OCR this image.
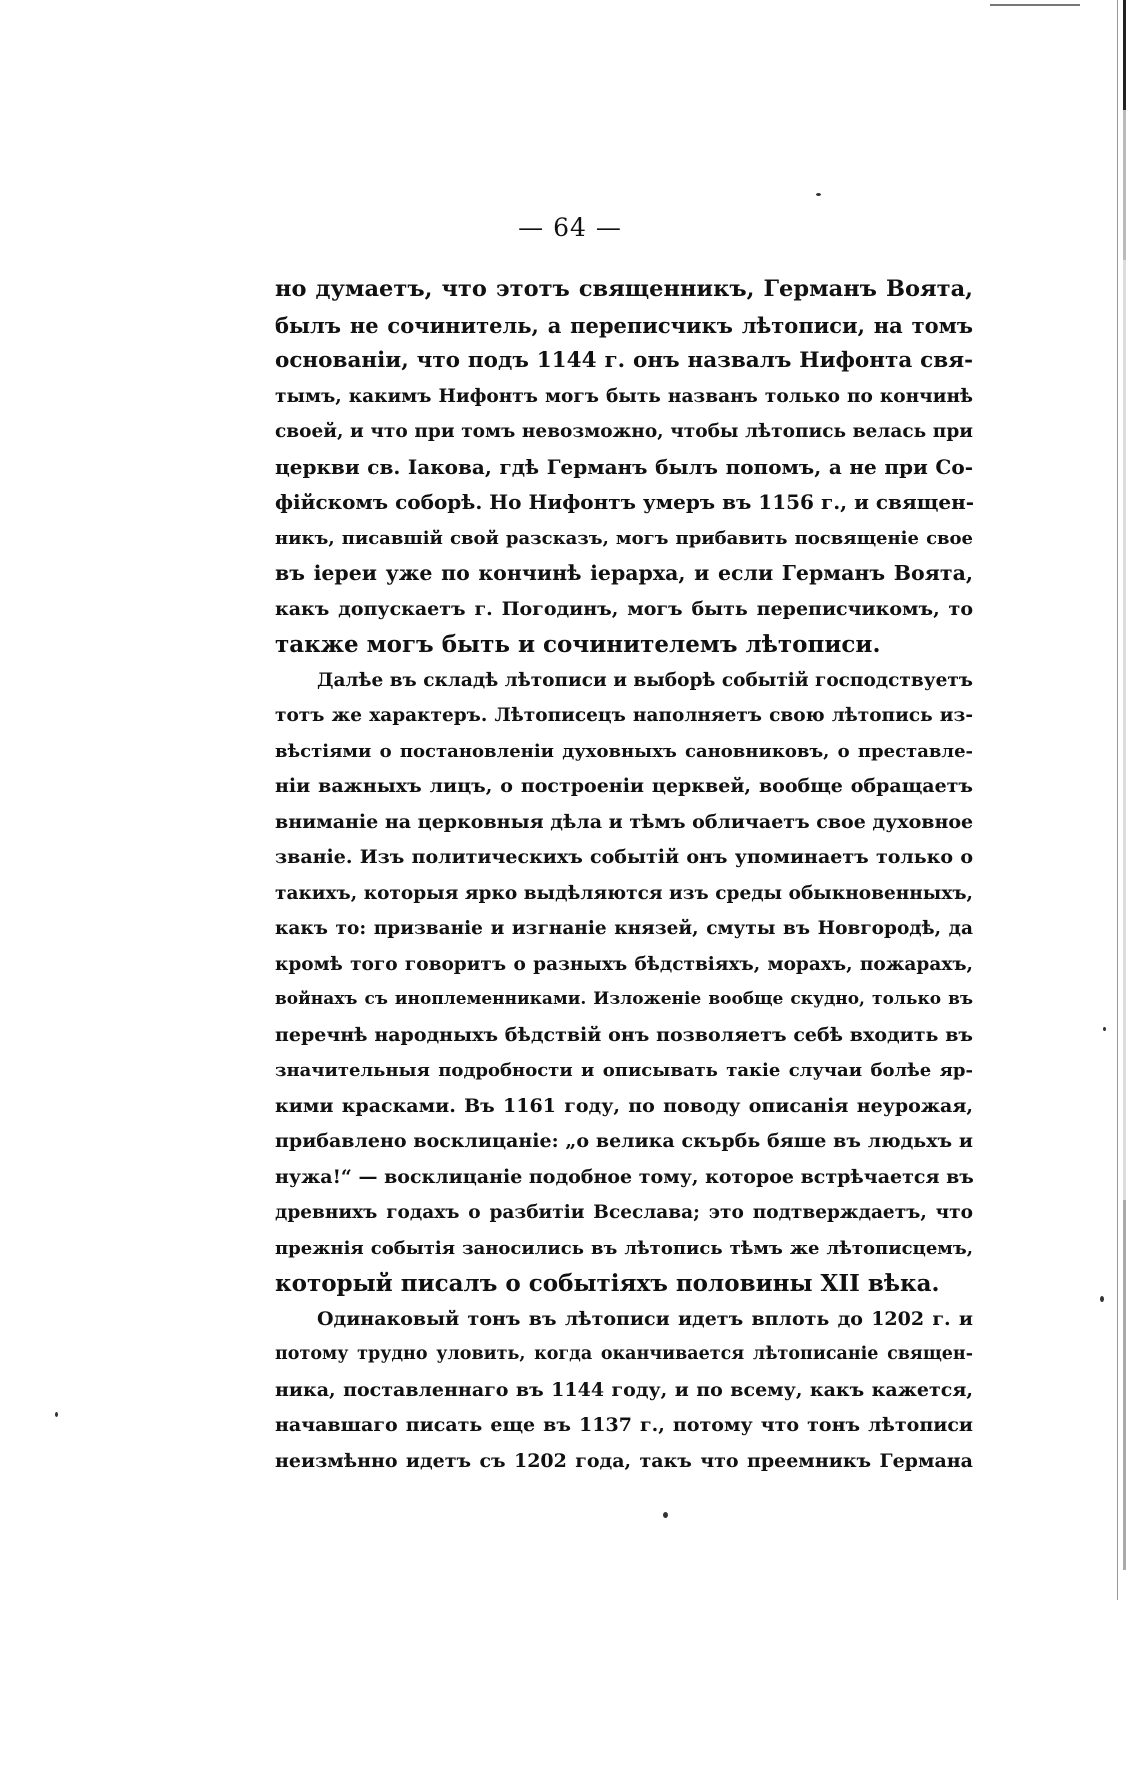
— 64 —

но думаетъ, что этотъ священникъ, Германъ Воята,
былъ не сочинитель, а переписчикъ лѣтописи, на томъ
основаніи, что подъ 1144 г. онъ назвалъ Нифонта свя-
тымъ, какимъ Нифонтъ могъ быть названъ только по кончинѣ
своей, и что при томъ невозможно, чтобы лѣтопись велась при
церкви св. Іакова, гдѣ Германъ былъ попомъ, а не при Со-
фійскомъ соборѣ. Но Нифонтъ умеръ въ 1156 г., и священ-
никъ, писавшій свой разсказъ, могъ прибавить посвященіе свое
въ іереи уже по кончинѣ іерарха, и если Германъ Воята,
какъ допускаетъ г. Погодинъ, могъ быть переписчикомъ, то
также могъ быть и сочинителемъ лѣтописи.

Далѣе въ складѣ лѣтописи и выборѣ событій господствуетъ
тотъ же характеръ. Лѣтописецъ наполняетъ свою лѣтопись из-
вѣстіями о постановленіи духовныхъ сановниковъ, о преставле-
ніи важныхъ лицъ, о построеніи церквей, вообще обращаетъ
вниманіе на церковныя дѣла и тѣмъ обличаетъ свое духовное
званіе. Изъ политическихъ событій онъ упоминаетъ только о
такихъ, которыя ярко выдѣляются изъ среды обыкновенныхъ,
какъ то: призваніе и изгнаніе князей, смуты въ Новгородѣ, да
кромѣ того говоритъ о разныхъ бѣдствіяхъ, морахъ, пожарахъ,
войнахъ съ иноплеменниками. Изложеніе вообще скудно, только въ
перечнѣ народныхъ бѣдствій онъ позволяетъ себѣ входить въ
значительныя подробности и описывать такіе случаи болѣе яр-
кими красками. Въ 1161 году, по поводу описанія неурожая,
прибавлено восклицаніе: „о велика скърбь бяше въ людьхъ и
нужа!“ — восклицаніе подобное тому, которое встрѣчается въ
древнихъ годахъ о разбитіи Всеслава; это подтверждаетъ, что
прежнія событія заносились въ лѣтопись тѣмъ же лѣтописцемъ,
который писалъ о событіяхъ половины XII вѣка.

Одинаковый тонъ въ лѣтописи идетъ вплоть до 1202 г. и
потому трудно уловить, когда оканчивается лѣтописаніе священ-
ника, поставленнаго въ 1144 году, и по всему, какъ кажется,
начавшаго писать еще въ 1137 г., потому что тонъ лѣтописи
неизмѣнно идетъ съ 1202 года, такъ что преемникъ Германа
